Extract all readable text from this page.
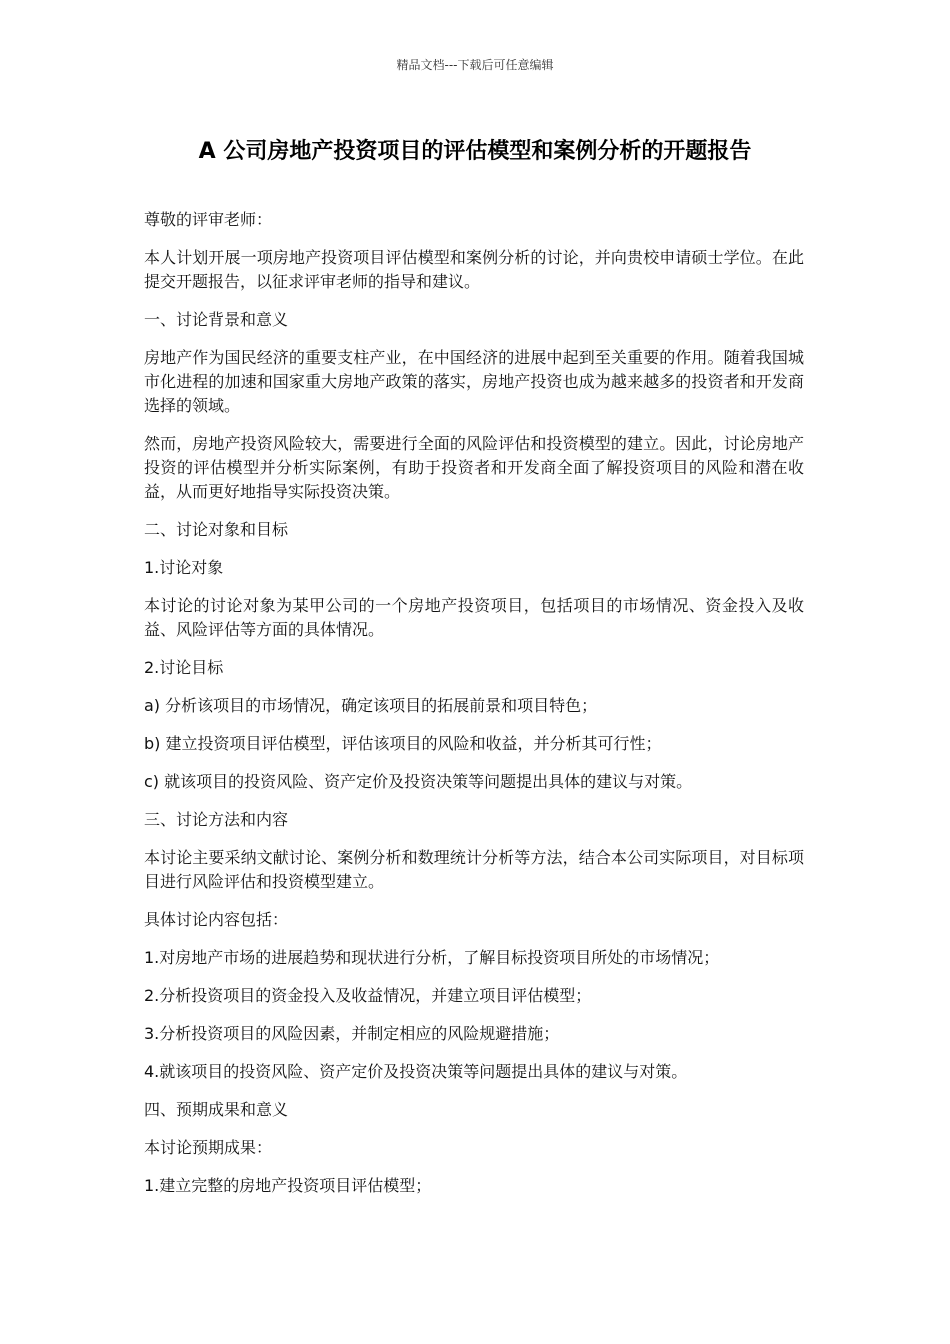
精品文档---下载后可任意编辑
A 公司房地产投资项目的评估模型和案例分析的开题报告

尊敬的评审老师：

本人计划开展一项房地产投资项目评估模型和案例分析的讨论，并向贵校申请硕士学位。在此提交开题报告，以征求评审老师的指导和建议。

一、讨论背景和意义

房地产作为国民经济的重要支柱产业，在中国经济的进展中起到至关重要的作用。随着我国城市化进程的加速和国家重大房地产政策的落实，房地产投资也成为越来越多的投资者和开发商选择的领域。

然而，房地产投资风险较大，需要进行全面的风险评估和投资模型的建立。因此，讨论房地产投资的评估模型并分析实际案例，有助于投资者和开发商全面了解投资项目的风险和潜在收益，从而更好地指导实际投资决策。

二、讨论对象和目标

1.讨论对象

本讨论的讨论对象为某甲公司的一个房地产投资项目，包括项目的市场情况、资金投入及收益、风险评估等方面的具体情况。

2.讨论目标

a) 分析该项目的市场情况，确定该项目的拓展前景和项目特色；

b) 建立投资项目评估模型，评估该项目的风险和收益，并分析其可行性；

c) 就该项目的投资风险、资产定价及投资决策等问题提出具体的建议与对策。

三、讨论方法和内容

本讨论主要采纳文献讨论、案例分析和数理统计分析等方法，结合本公司实际项目，对目标项目进行风险评估和投资模型建立。

具体讨论内容包括：

1.对房地产市场的进展趋势和现状进行分析，了解目标投资项目所处的市场情况；

2.分析投资项目的资金投入及收益情况，并建立项目评估模型；

3.分析投资项目的风险因素，并制定相应的风险规避措施；

4.就该项目的投资风险、资产定价及投资决策等问题提出具体的建议与对策。

四、预期成果和意义

本讨论预期成果：

1.建立完整的房地产投资项目评估模型；
